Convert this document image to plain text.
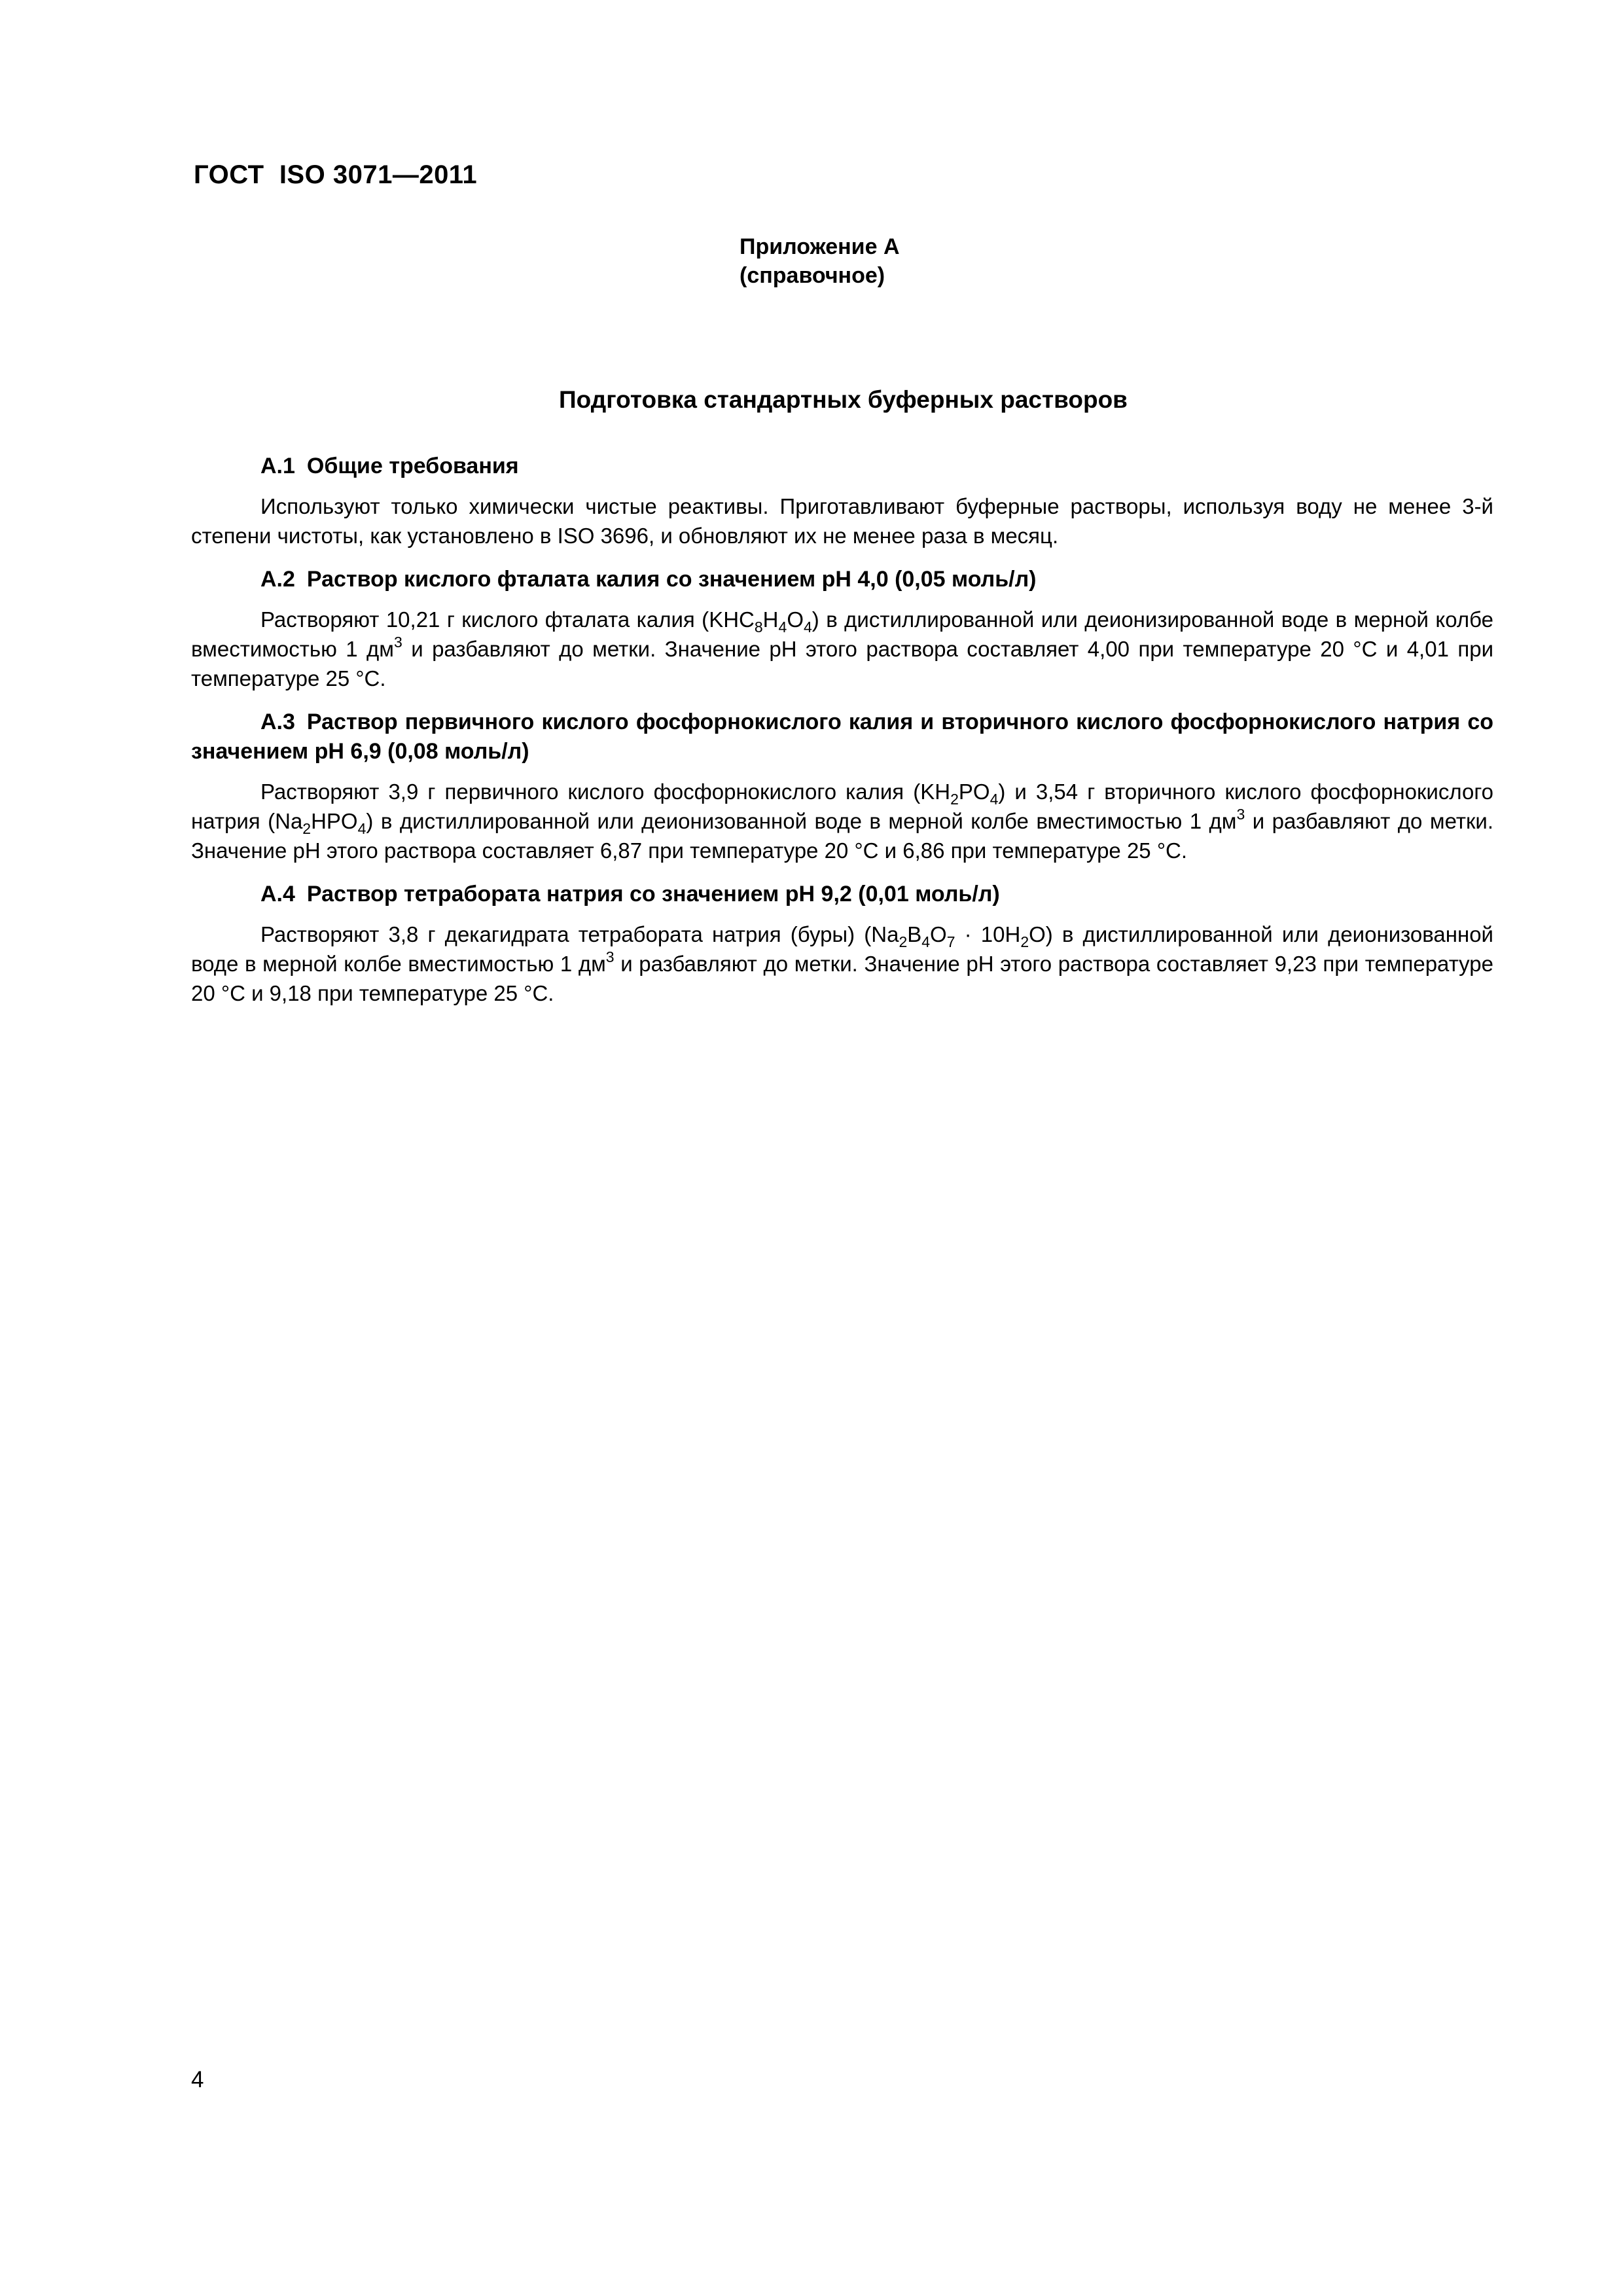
ГОСТ  ISO 3071—2011
Приложение А
(справочное)
Подготовка стандартных буферных растворов
А.1 Общие требования

Используют только химически чистые реактивы. Приготавливают буферные растворы, используя воду не менее 3-й степени чистоты, как установлено в ISO 3696, и обновляют их не менее раза в месяц.

А.2 Раствор кислого фталата калия со значением pH 4,0 (0,05 моль/л)

Растворяют 10,21 г кислого фталата калия $(KHC_8H_4O_4)$ в дистиллированной или деионизированной воде в мерной колбе вместимостью 1 $дм^3$ и разбавляют до метки. Значение pH этого раствора составляет 4,00 при температуре 20 °С и 4,01 при температуре 25 °С.

А.3 Раствор первичного кислого фосфорнокислого калия и вторичного кислого фосфорнокислого натрия со значением pH 6,9 (0,08 моль/л)

Растворяют 3,9 г первичного кислого фосфорнокислого калия $(KH_2PO_4)$ и 3,54 г вторичного кислого фосфорнокислого натрия $(Na_2HPO_4)$ в дистиллированной или деионизованной воде в мерной колбе вместимостью 1 $дм^3$ и разбавляют до метки. Значение pH этого раствора составляет 6,87 при температуре 20 °С и 6,86 при температуре 25 °С.

А.4 Раствор тетрабората натрия со значением pH 9,2 (0,01 моль/л)

Растворяют 3,8 г декагидрата тетрабората натрия (буры) $(Na_2B_4O_7 \cdot 10H_2O)$ в дистиллированной или деионизованной воде в мерной колбе вместимостью 1 $дм^3$ и разбавляют до метки. Значение pH этого раствора составляет 9,23 при температуре 20 °С и 9,18 при температуре 25 °С.

4
